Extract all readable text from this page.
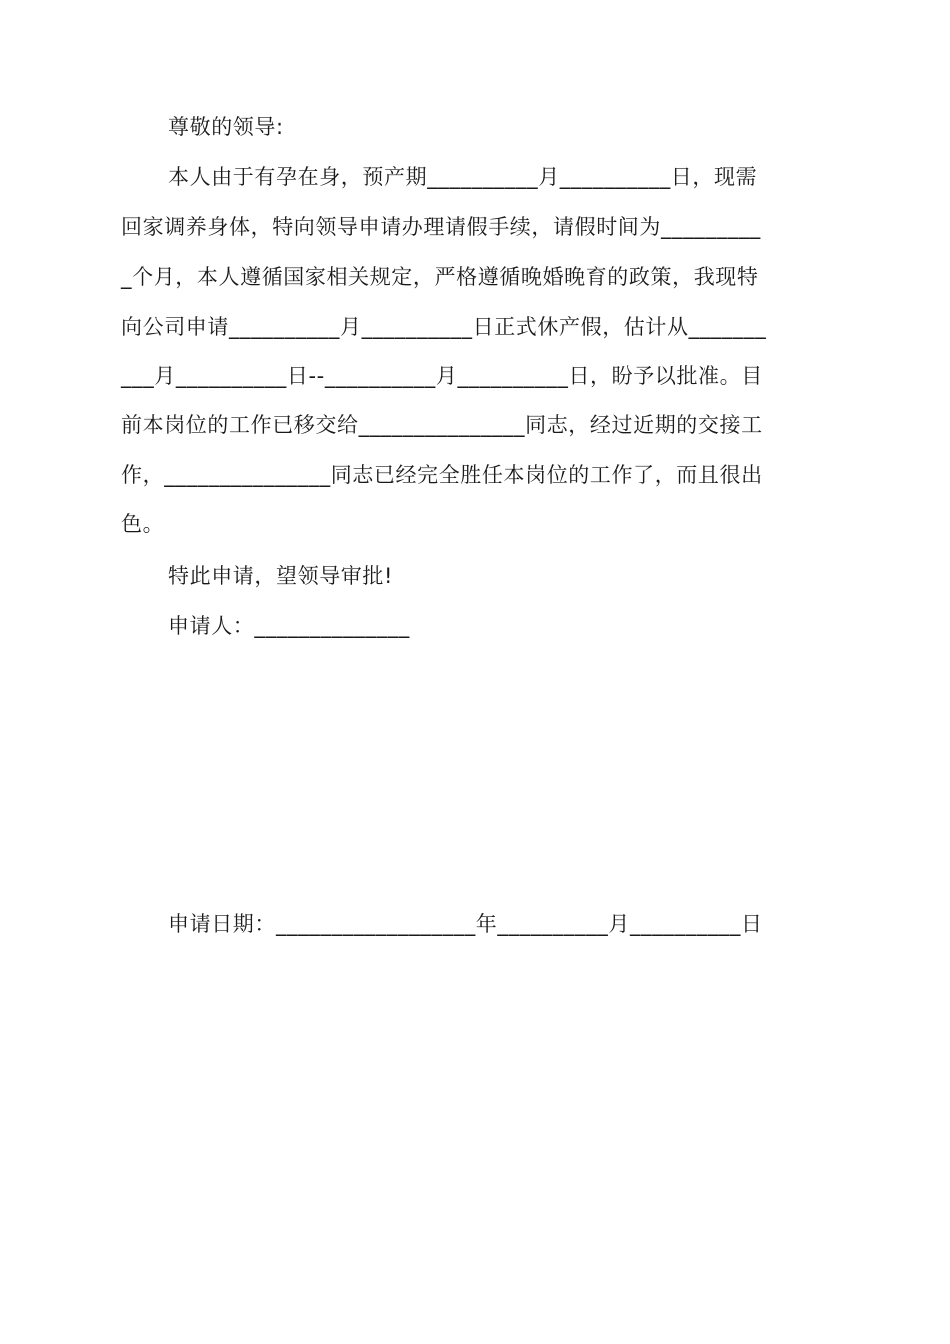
尊敬的领导:
本人由于有孕在身，预产期__________月__________日，现需
回家调养身体，特向领导申请办理请假手续，请假时间为_________
_个月，本人遵循国家相关规定，严格遵循晚婚晚育的政策，我现特
向公司申请__________月__________日正式休产假，估计从_______
___月__________日--__________月__________日，盼予以批准。目
前本岗位的工作已移交给_______________同志，经过近期的交接工
作，_______________同志已经完全胜任本岗位的工作了，而且很出
色。
特此申请，望领导审批!
申请人：______________
申请日期：__________________年__________月__________日
